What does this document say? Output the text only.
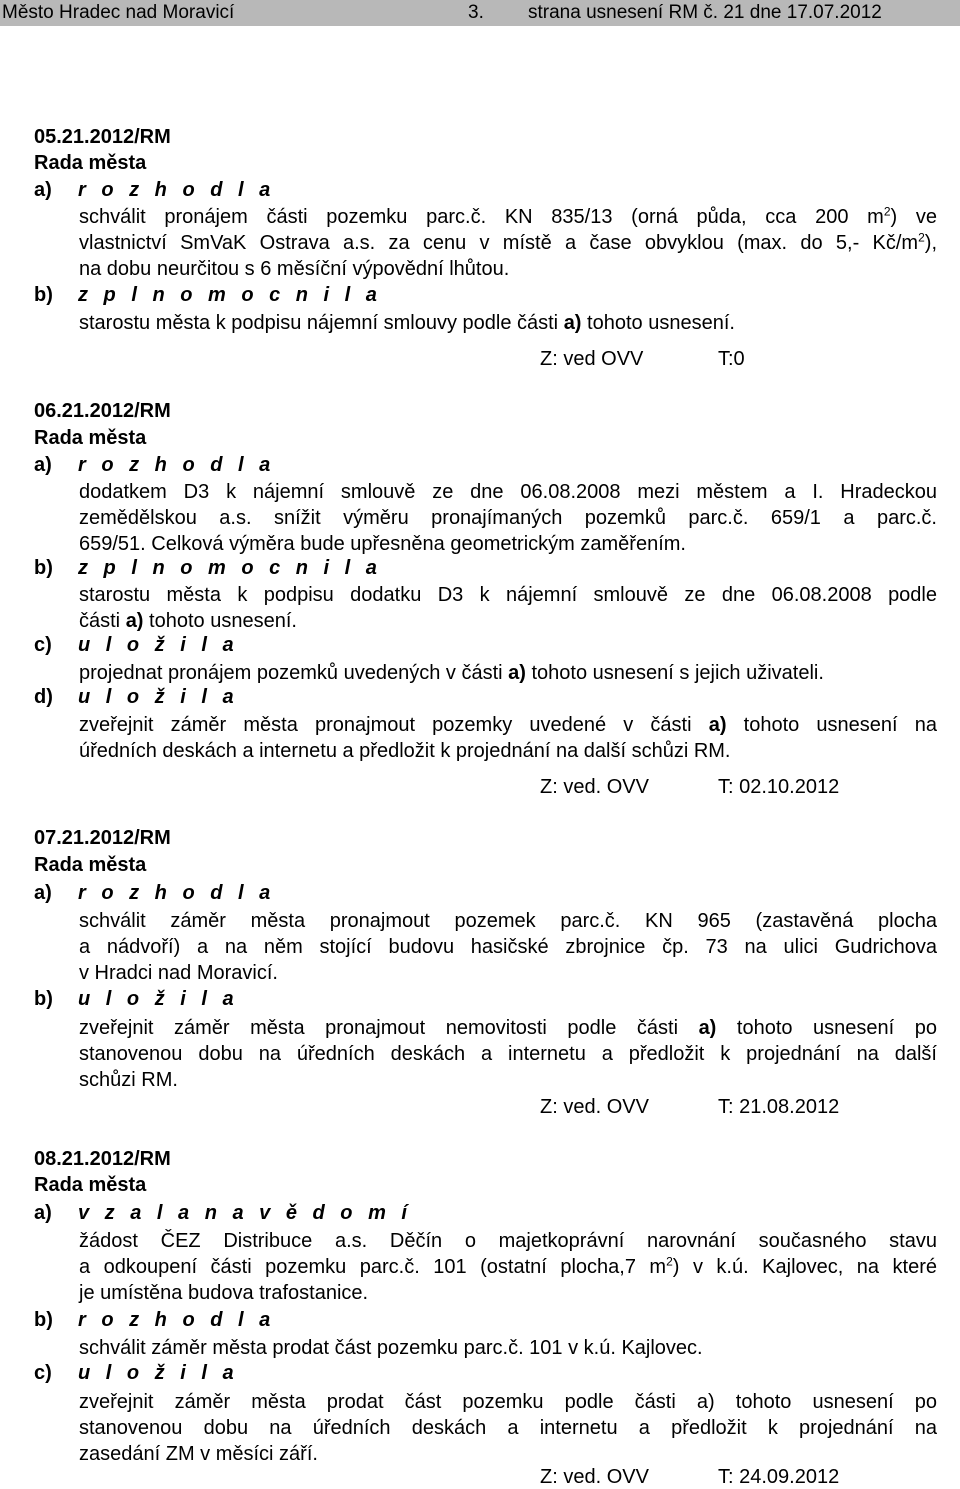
Město Hradec nad Moravicí	3. strana usnesení RM č. 21 dne 17.07.2012
05.21.2012/RM
Rada města
a) r o z h o d l a
schválit pronájem části pozemku parc.č. KN 835/13 (orná půda, cca 200 $m^2$) ve
vlastnictví SmVaK Ostrava a.s. za cenu v místě a čase obvyklou (max. do 5,- $Kč/m^2$),
na dobu neurčitou s 6 měsíční výpovědní lhůtou.
b) z p l n o m o c n i l a
starostu města k podpisu nájemní smlouvy podle části a) tohoto usnesení.
Z: ved OVV	T:0
06.21.2012/RM
Rada města
a) r o z h o d l a
dodatkem D3 k nájemní smlouvě ze dne 06.08.2008 mezi městem a I. Hradeckou
zemědělskou a.s. snížit výměru pronajímaných pozemků parc.č. 659/1 a parc.č.
659/51. Celková výměra bude upřesněna geometrickým zaměřením.
b) z p l n o m o c n i l a
starostu města k podpisu dodatku D3 k nájemní smlouvě ze dne 06.08.2008 podle
části a) tohoto usnesení.
c) u l o ž i l a
projednat pronájem pozemků uvedených v části a) tohoto usnesení s jejich uživateli.
d) u l o ž i l a
zveřejnit záměr města pronajmout pozemky uvedené v části a) tohoto usnesení na
úředních deskách a internetu a předložit k projednání na další schůzi RM.
Z: ved. OVV	T: 02.10.2012
07.21.2012/RM
Rada města
a) r o z h o d l a
schválit záměr města pronajmout pozemek parc.č. KN 965 (zastavěná plocha
a nádvoří) a na něm stojící budovu hasičské zbrojnice čp. 73 na ulici Gudrichova
v Hradci nad Moravicí.
b) u l o ž i l a
zveřejnit záměr města pronajmout nemovitosti podle části a) tohoto usnesení po
stanovenou dobu na úředních deskách a internetu a předložit k projednání na další
schůzi RM.
Z: ved. OVV	T: 21.08.2012
08.21.2012/RM
Rada města
a) v z a l a n a v ě d o m í
žádost ČEZ Distribuce a.s. Děčín o majetkoprávní narovnání současného stavu
a odkoupení části pozemku parc.č. 101 (ostatní plocha,7 $m^2$) v k.ú. Kajlovec, na které
je umístěna budova trafostanice.
b) r o z h o d l a
schválit záměr města prodat část pozemku parc.č. 101 v k.ú. Kajlovec.
c) u l o ž i l a
zveřejnit záměr města prodat část pozemku podle části a) tohoto usnesení po
stanovenou dobu na úředních deskách a internetu a předložit k projednání na
zasedání ZM v měsíci září.
Z: ved. OVV	T: 24.09.2012
